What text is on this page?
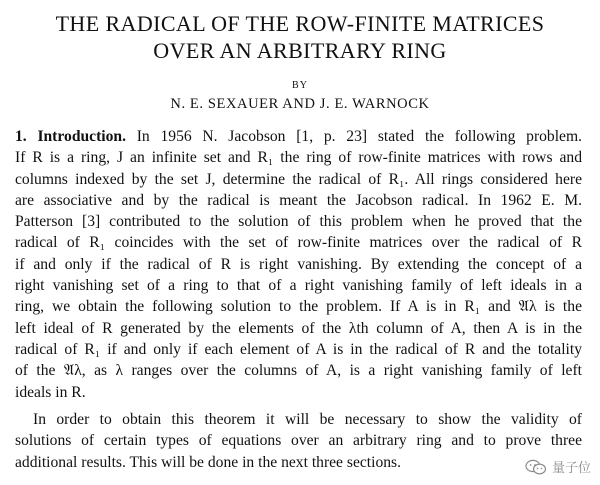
THE RADICAL OF THE ROW-FINITE MATRICES
OVER AN ARBITRARY RING
BY
N. E. SEXAUER AND J. E. WARNOCK
1. Introduction. In 1956 N. Jacobson [1, p. 23] stated the following problem.
If R is a ring, J an infinite set and R₁ the ring of row-finite matrices with rows and
columns indexed by the set J, determine the radical of R₁. All rings considered here
are associative and by the radical is meant the Jacobson radical. In 1962 E. M.
Patterson [3] contributed to the solution of this problem when he proved that the
radical of R₁ coincides with the set of row-finite matrices over the radical of R
if and only if the radical of R is right vanishing. By extending the concept of a
right vanishing set of a ring to that of a right vanishing family of left ideals in a
ring, we obtain the following solution to the problem. If A is in R₁ and 𝔄λ is the
left ideal of R generated by the elements of the λth column of A, then A is in the
radical of R₁ if and only if each element of A is in the radical of R and the totality
of the 𝔄λ, as λ ranges over the columns of A, is a right vanishing family of left
ideals in R.
In order to obtain this theorem it will be necessary to show the validity of
solutions of certain types of equations over an arbitrary ring and to prove three
additional results. This will be done in the next three sections.	量子位
